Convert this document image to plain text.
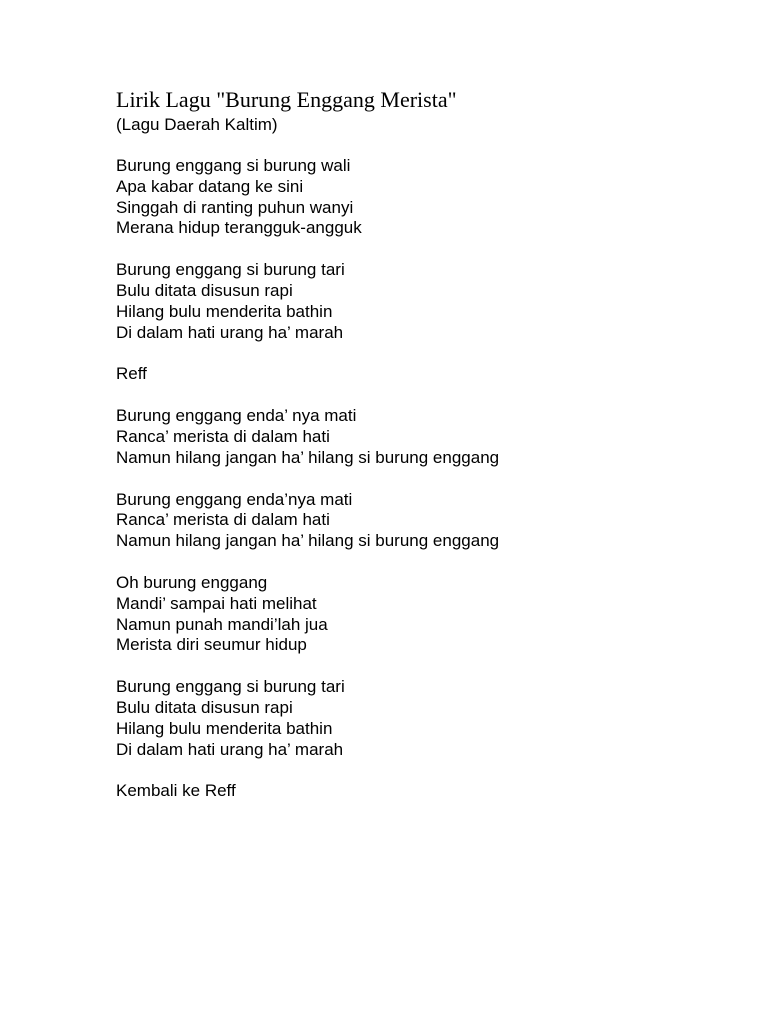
Lirik Lagu "Burung Enggang Merista"
(Lagu Daerah Kaltim)
Burung enggang si burung wali
Apa kabar datang ke sini
Singgah di ranting puhun wanyi
Merana hidup terangguk-angguk
Burung enggang si burung tari
Bulu ditata disusun rapi
Hilang bulu menderita bathin
Di dalam hati urang ha’ marah
Reff
Burung enggang enda’ nya mati
Ranca’ merista di dalam hati
Namun hilang jangan ha’ hilang si burung enggang
Burung enggang enda’nya mati
Ranca’ merista di dalam hati
Namun hilang jangan ha’ hilang si burung enggang
Oh burung enggang
Mandi’ sampai hati melihat
Namun punah mandi’lah jua
Merista diri seumur hidup
Burung enggang si burung tari
Bulu ditata disusun rapi
Hilang bulu menderita bathin
Di dalam hati urang ha’ marah
Kembali ke Reff
